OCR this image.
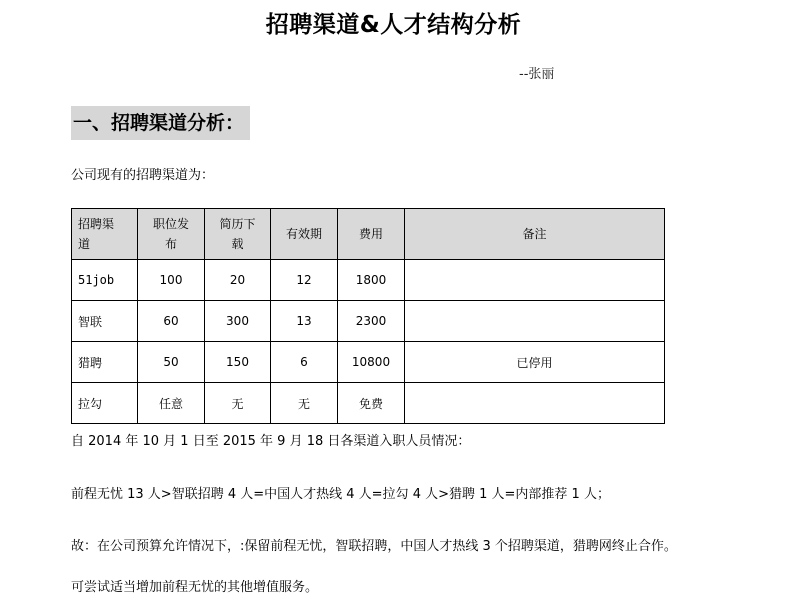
招聘渠道&人才结构分析
--张丽
一、招聘渠道分析：
公司现有的招聘渠道为：
招聘渠道	职位发布	简历下载	有效期	费用	备注
51job	100	20	12	1800	
智联	60	300	13	2300	
猎聘	50	150	6	10800	已停用
拉勾	任意	无	无	免费	
自 2014 年 10 月 1 日至 2015 年 9 月 18 日各渠道入职人员情况：
前程无忧 13 人>智联招聘 4 人=中国人才热线 4 人=拉勾 4 人>猎聘 1 人=内部推荐 1 人；
故：在公司预算允许情况下，:保留前程无忧，智联招聘，中国人才热线 3 个招聘渠道，猎聘网终止合作。
可尝试适当增加前程无忧的其他增值服务。
